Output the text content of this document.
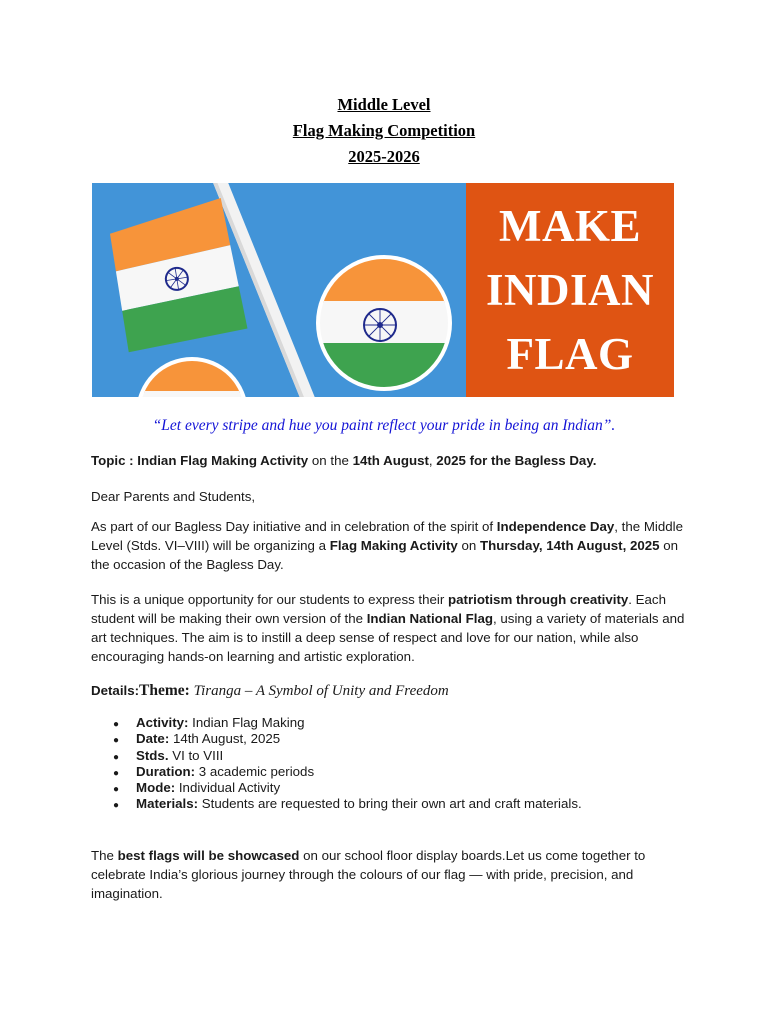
Middle Level
Flag Making Competition
2025-2026
MAKE
INDIAN
FLAG
“Let every stripe and hue you paint reflect your pride in being an Indian”.
Topic : Indian Flag Making Activity on the 14th August, 2025 for the Bagless Day.
Dear Parents and Students,
As part of our Bagless Day initiative and in celebration of the spirit of Independence Day, the Middle Level (Stds. VI–VIII) will be organizing a Flag Making Activity on Thursday, 14th August, 2025 on the occasion of the Bagless Day.
This is a unique opportunity for our students to express their patriotism through creativity. Each student will be making their own version of the Indian National Flag, using a variety of materials and art techniques. The aim is to instill a deep sense of respect and love for our nation, while also encouraging hands-on learning and artistic exploration.
Details:Theme: Tiranga – A Symbol of Unity and Freedom
● Activity: Indian Flag Making
● Date: 14th August, 2025
● Stds. VI to VIII
● Duration: 3 academic periods
● Mode: Individual Activity
● Materials: Students are requested to bring their own art and craft materials.
The best flags will be showcased on our school floor display boards.Let us come together to celebrate India’s glorious journey through the colours of our flag — with pride, precision, and imagination.
